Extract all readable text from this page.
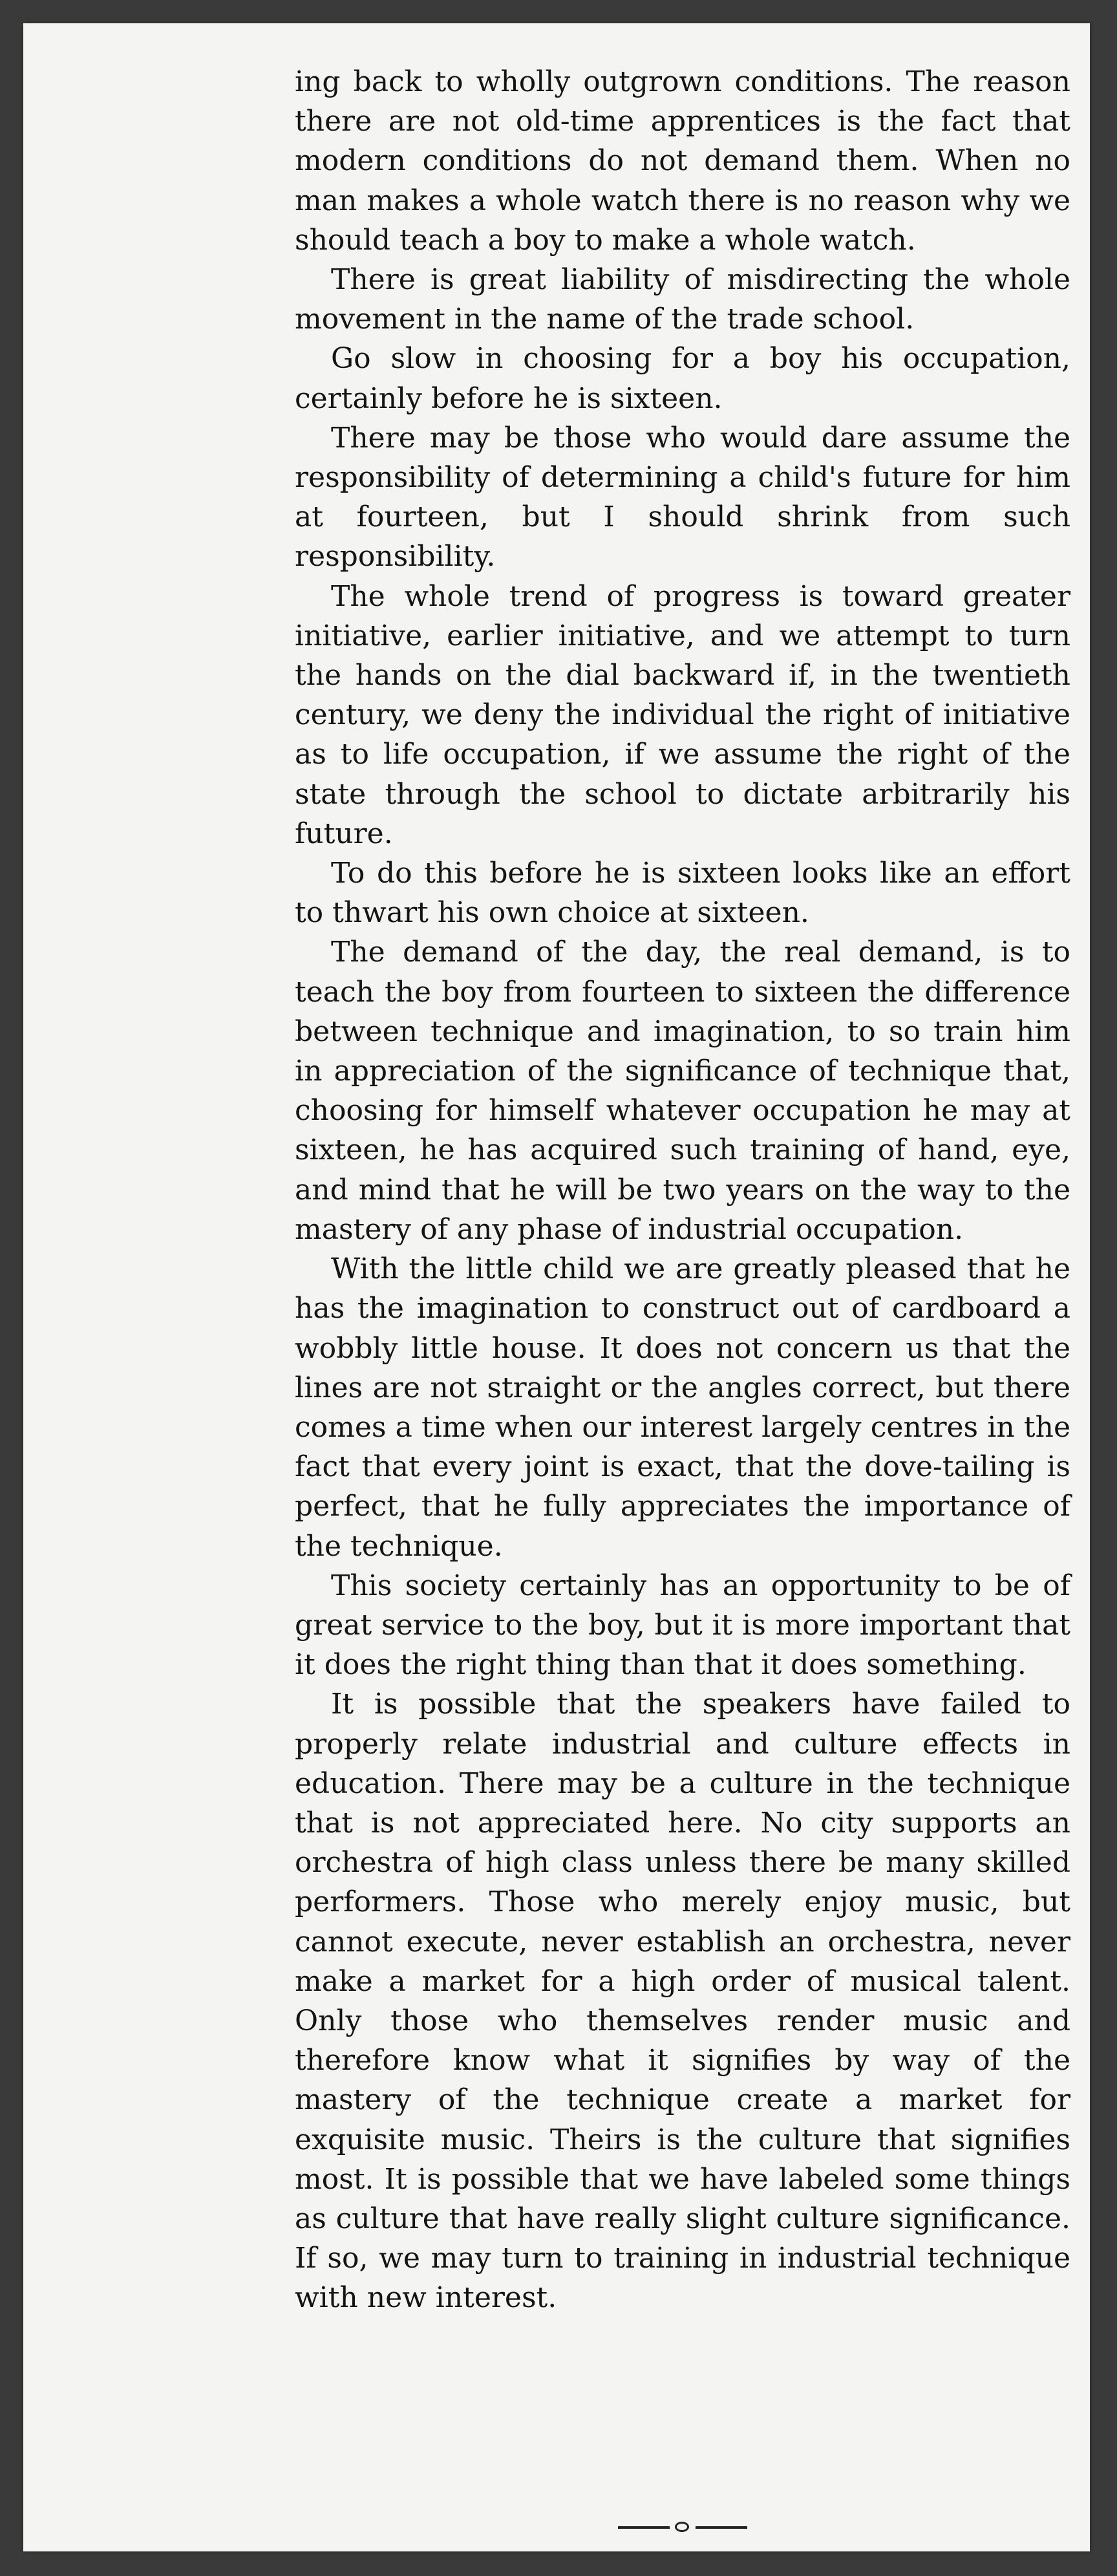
ing back to wholly outgrown conditions. The reason there are not old-time apprentices is the fact that modern conditions do not demand them. When no man makes a whole watch there is no reason why we should teach a boy to make a whole watch.

There is great liability of misdirecting the whole movement in the name of the trade school.

Go slow in choosing for a boy his occupation, certainly before he is sixteen.

There may be those who would dare assume the responsibility of determining a child's future for him at fourteen, but I should shrink from such responsibility.

The whole trend of progress is toward greater initiative, earlier initiative, and we attempt to turn the hands on the dial backward if, in the twentieth century, we deny the individual the right of initiative as to life occupation, if we assume the right of the state through the school to dictate arbitrarily his future.

To do this before he is sixteen looks like an effort to thwart his own choice at sixteen.

The demand of the day, the real demand, is to teach the boy from fourteen to sixteen the difference between technique and imagination, to so train him in appreciation of the significance of technique that, choosing for himself whatever occupation he may at sixteen, he has acquired such training of hand, eye, and mind that he will be two years on the way to the mastery of any phase of industrial occupation.

With the little child we are greatly pleased that he has the imagination to construct out of cardboard a wobbly little house. It does not concern us that the lines are not straight or the angles correct, but there comes a time when our interest largely centres in the fact that every joint is exact, that the dove-tailing is perfect, that he fully appreciates the importance of the technique.

This society certainly has an opportunity to be of great service to the boy, but it is more important that it does the right thing than that it does something.

It is possible that the speakers have failed to properly relate industrial and culture effects in education. There may be a culture in the technique that is not appreciated here. No city supports an orchestra of high class unless there be many skilled performers. Those who merely enjoy music, but cannot execute, never establish an orchestra, never make a market for a high order of musical talent. Only those who themselves render music and therefore know what it signifies by way of the mastery of the technique create a market for exquisite music. Theirs is the culture that signifies most. It is possible that we have labeled some things as culture that have really slight culture significance. If so, we may turn to training in industrial technique with new interest.
